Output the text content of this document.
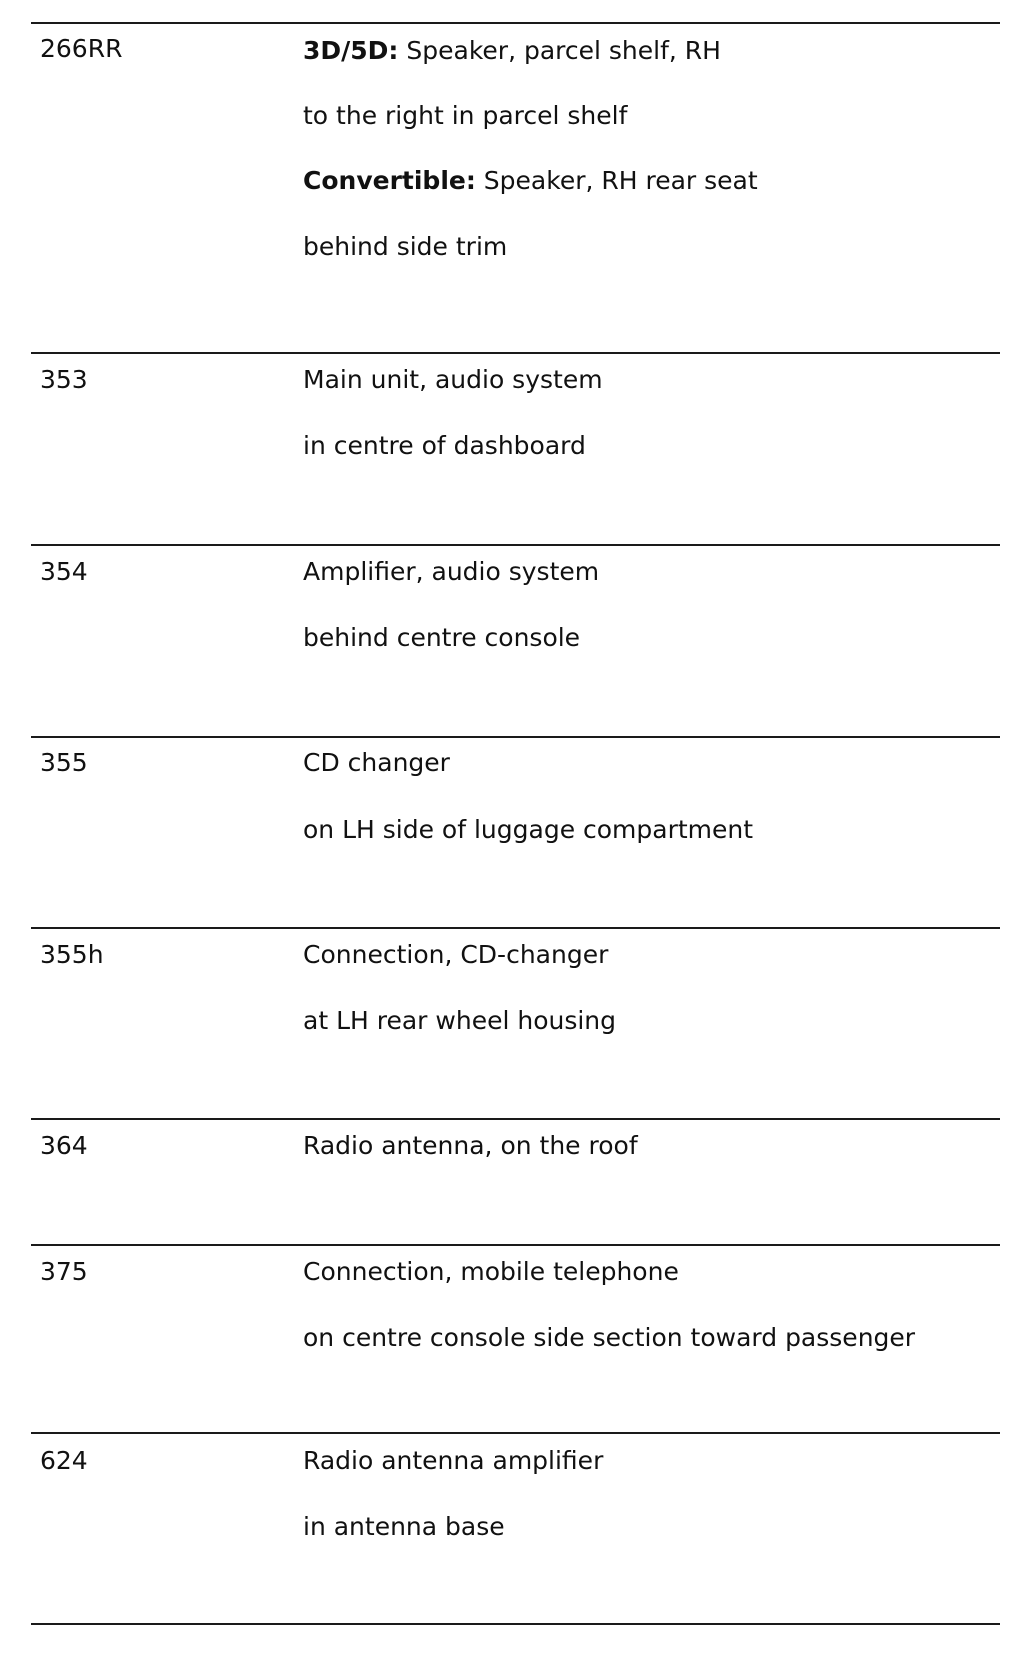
266RR	3D/5D: Speaker, parcel shelf, RH
to the right in parcel shelf
Convertible: Speaker, RH rear seat
behind side trim
353	Main unit, audio system
in centre of dashboard
354	Amplifier, audio system
behind centre console
355	CD changer
on LH side of luggage compartment
355h	Connection, CD-changer
at LH rear wheel housing
364	Radio antenna, on the roof
375	Connection, mobile telephone
on centre console side section toward passenger
624	Radio antenna amplifier
in antenna base
